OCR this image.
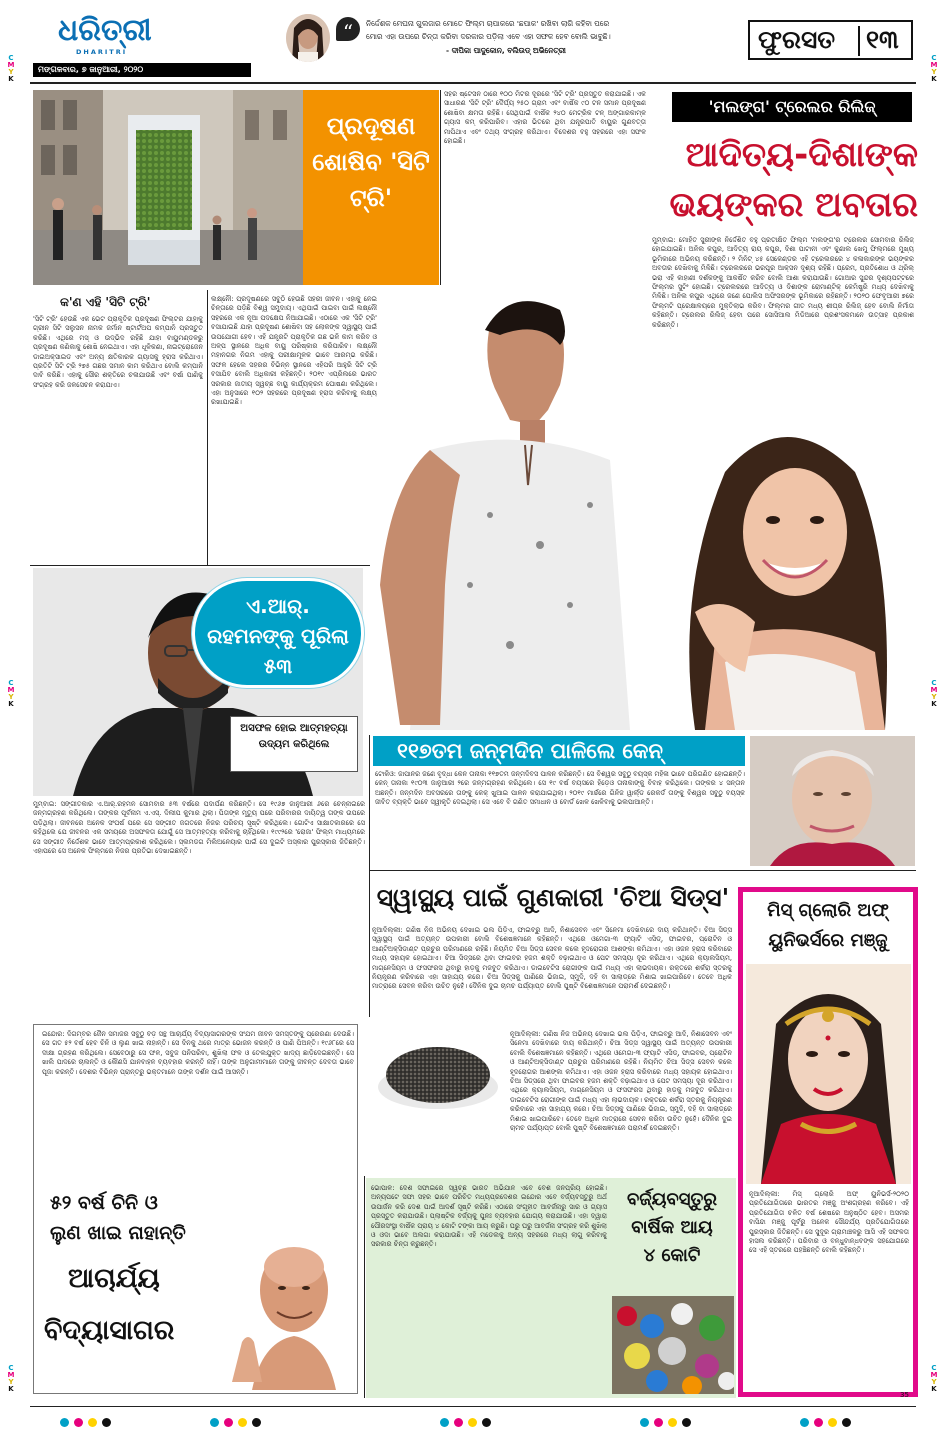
ଧରିତ୍ରୀ
DHARITRI
ମଙ୍ଗଳବାର, ୭ ଜାନୁଆରୀ, ୨୦୨୦
“	ନିର୍ଦ୍ଦେଶକ ମେଘନା ଗୁଲଜାର ମୋତେ ଫିଲ୍ମ ଚାପାକରେ 'ଛପାକ' ରଖିବା ଲାଗି କହିବା ପରେ
ମୋର ଏହା ଉପରେ ଚିନ୍ତା କରିବା ଦରକାର ପଡ଼ିଲା ଏବେ ଏହା ସଫଳ ହେବ ବୋଲି ଭାବୁଛି।
- ଦୀପିକା ପାଦୁକୋନ, ବଲିଉଡ୍ ଅଭିନେତ୍ରୀ	ଫୁରସତ ୧୩
C
M
Y
K
C
M
Y
K
C
M
Y
K
C
M
Y
K
C
M
Y
K
C
M
Y
K
ପ୍ରଦୂଷଣ ଶୋଷିବ 'ସିଟି ଟ୍ରି'
ସହର ଷ୍ଟେସନ ଠାରେ ୧୦୦ ମିଟର ଦୂରରେ 'ସିଟି ଟ୍ରି' ପ୍ରସ୍ତୁତ କରାଯାଇଛି। ଏକ ସାଧାରଣ 'ସିଟି ଟ୍ରି' ଦୈର୍ଘ୍ୟ ୨୫୦ ଗ୍ରାମ ଏବଂ ବାର୍ଷିକ ୯୦ ଟନ ସମାନ ପ୍ରଦୂଷଣ ଶୋଷିବା କ୍ଷମତା ରହିଛି। ସେଥିପାଇଁ ବାର୍ଷିକ ୨୪୦ ମେଟ୍ରିକ ଟନ୍ ଅଙ୍ଗାରକାମ୍ଳ ଗ୍ୟାସ କମ୍ କରିପାରିବ। ଏହାର ଭିତରେ ଥିବା ଯନ୍ତ୍ରପାତି ବାୟୁର ଗୁଣବତ୍ତା ମାପିଥାଏ ଏବଂ ତଥ୍ୟ ସଂଗ୍ରହ କରିଥାଏ। ବିଦେଶର ବହୁ ସହରରେ ଏହା ସଫଳ ହୋଇଛି।
କ'ଣ ଏହି 'ସିଟି ଟ୍ରି'
'ସିଟି ଟ୍ରି' ହେଉଛି ଏକ ଭେଟ ପ୍ରାକୃତିକ ପ୍ରଦୂଷଣ ଫିଲ୍ଟର ଯାହାକୁ ଗ୍ରୀନ ସିଟି ସଲୁସନ ନାମକ ଜର୍ମାନ ଷ୍ଟାର୍ଟଅପ କମ୍ପାନି ପ୍ରସ୍ତୁତ କରିଛି। ଏଥିରେ ମସ୍ ଓ ଉଦ୍ଭିଦ ରହିଛି ଯାହା ବାୟୁମଣ୍ଡଳରୁ ପ୍ରଦୂଷଣ କଣିକାକୁ ଶୋଷି ନେଇଥାଏ। ଏହା ଧୂଳିକଣା, ନାଇଟ୍ରୋଜେନ ଡାଇଅକ୍ସାଇଡ ଏବଂ ଅନ୍ୟ କ୍ଷତିକାରକ ଗ୍ୟାସକୁ ହ୍ରାସ କରିଥାଏ। ପ୍ରତିଟି ସିଟି ଟ୍ରି ୨୭୫ ଗଛର ସମାନ କାମ କରିଥାଏ ବୋଲି କମ୍ପାନି ଦାବି କରିଛି। ଏହାକୁ ସୌର ଶକ୍ତିରେ ଚଳାଯାଉଛି ଏବଂ ବର୍ଷା ପାଣିକୁ ସଂଗ୍ରହ କରି ଜଳସେଚନ କରାଯାଏ।
ଲକ୍ଷ୍ନୌ: ପ୍ରଦୂଷଣରେ ସବୁଠି ହେଉଛି ସହରୀ ଜୀବନ। ଏହାକୁ ନେଇ ଚିନ୍ତାରେ ପଡ଼ିଛି ବିଶ୍ୱ ସମୁଦାୟ। ଏଥିପାଇଁ ପାଇବା ପାଇଁ ଲକ୍ଷ୍ନୌ ସହରରେ ଏକ ନୂଆ ପଦକ୍ଷେପ ନିଆଯାଇଛି। ଏଠାରେ ଏକ 'ସିଟି ଟ୍ରି' ବସାଯାଇଛି ଯାହା ପ୍ରଦୂଷଣ ଶୋଷିବା ସହ ଲୋକଙ୍କ ସ୍ୱାସ୍ଥ୍ୟ ପାଇଁ ଉପଯୋଗୀ ହେବ। ଏହି ଯନ୍ତ୍ରଟି ପ୍ରାକୃତିକ ଗଛ ଭଳି କାମ କରିବ ଓ ଅଳ୍ପ ସ୍ଥାନରେ ଅଧିକ ବାୟୁ ପରିଷ୍କାର କରିପାରିବ। ଲକ୍ଷ୍ନୌ ମହାନଗର ନିଗମ ଏହାକୁ ପରୀକ୍ଷାମୂଳକ ଭାବେ ଆରମ୍ଭ କରିଛି। ସଫଳ ହେଲେ ସହରର ବିଭିନ୍ନ ସ୍ଥାନରେ ଏହିପରି ଆହୁରି ସିଟି ଟ୍ରି ବସାଯିବ ବୋଲି ଅଧିକାରୀ କହିଛନ୍ତି। ୨୦୧୯ ଏପ୍ରିଲରେ ଭାରତ ସରକାର ଜାତୀୟ ସ୍ୱଚ୍ଛ ବାୟୁ କାର୍ଯ୍ୟକ୍ରମ ଘୋଷଣା କରିଥିଲେ। ଏହା ଅନୁସାରେ ୧୦୨ ସହରରେ ପ୍ରଦୂଷଣ ହ୍ରାସ କରିବାକୁ ଲକ୍ଷ୍ୟ ରଖାଯାଇଛି।
'ମଲଙ୍ଗ' ଟ୍ରେଲର ରିଲିଜ୍
ଆଦିତ୍ୟ-ଦିଶାଙ୍କ
ଭୟଙ୍କର ଅବତାର
ମୁମ୍ବାଇ: ମୋହିତ ସୁରୀଙ୍କ ନିର୍ଦ୍ଦେଶିତ ବହୁ ପ୍ରତୀକ୍ଷିତ ଫିଲ୍ମ 'ମଲଙ୍ଗ'ର ଟ୍ରେଲର ସୋମବାର ରିଲିଜ୍ ହୋଇଯାଇଛି। ଅନିଲ କପୁର, ଆଦିତ୍ୟ ରାୟ କପୁର, ଦିଶା ପାଟାନୀ ଏବଂ କୁଣାଲ ଖେମୁ ଫିଲ୍ମରେ ମୁଖ୍ୟ ଭୂମିକାରେ ଅଭିନୟ କରିଛନ୍ତି। ୨ ମିନିଟ୍ ୪୫ ସେକେଣ୍ଡର ଏହି ଟ୍ରେଲରରେ ୪ କଳାକାରଙ୍କ ଭୟଙ୍କର ଅବତାର ଦେଖିବାକୁ ମିଳିଛି। ଟ୍ରେଲରରେ ଭରପୂର ଆକ୍ସନ ଦୃଶ୍ୟ ରହିଛି। ପ୍ରେମ, ପ୍ରତିଶୋଧ ଓ ଥ୍ରିଲ୍ ଭରା ଏହି କାହାଣୀ ଦର୍ଶକଙ୍କୁ ଆକର୍ଷିତ କରିବ ବୋଲି ଆଶା କରାଯାଉଛି। ଗୋଆର ସୁନ୍ଦର ଦୃଶ୍ୟପଟ୍ଟରେ ଫିଲ୍ମର ସୁଟିଂ ହୋଇଛି। ଟ୍ରେଲରରେ ଆଦିତ୍ୟ ଓ ଦିଶାଙ୍କ ରୋମାଣ୍ଟିକ୍ କେମିଷ୍ଟ୍ରି ମଧ୍ୟ ଦେଖିବାକୁ ମିଳିଛି। ଅନିଲ କପୁର ଏଥିରେ ଜଣେ ପୋଲିସ ଅଫିସରଙ୍କ ଭୂମିକାରେ ରହିଛନ୍ତି। ୨୦୨୦ ଫେବୃଆରୀ ୭ରେ ଫିଲ୍ମଟି ପ୍ରେକ୍ଷାଳୟରେ ମୁକ୍ତିଲାଭ କରିବ। ଫିଲ୍ମର ଗୀତ ମଧ୍ୟ ଶୀଘ୍ର ରିଲିଜ୍ ହେବ ବୋଲି ନିର୍ମାତା କହିଛନ୍ତି। ଟ୍ରେଲର ରିଲିଜ୍ ହେବା ପରେ ସୋସିଆଲ ମିଡିଆରେ ପ୍ରଶଂସକମାନେ ଉତ୍ସାହ ପ୍ରକାଶ କରିଛନ୍ତି।
ଏ.ଆର୍. ରହମନଙ୍କୁ ପୂରିଲା ୫୩
ଅସଫଳ ହୋଇ ଆତ୍ମହତ୍ୟା ଉଦ୍ୟମ କରିଥିଲେ
ମୁମ୍ବାଇ: ସଙ୍ଗୀତକାର ଏ.ଆର୍.ରହମନ ସୋମବାର ୫୩ ବର୍ଷରେ ପଦାର୍ପଣ କରିଛନ୍ତି। ସେ ୧୯୬୭ ଜାନୁଆରୀ ୬ରେ ଚେନ୍ନାଇରେ ଜନ୍ମଗ୍ରହଣ କରିଥିଲେ। ତାଙ୍କର ପୂର୍ବନାମ ଏ.ଏସ୍. ଦିଲୀପ କୁମାର ଥିଲା। ପିତାଙ୍କ ମୃତ୍ୟୁ ପରେ ପରିବାରର ଦାୟିତ୍ୱ ତାଙ୍କ ଉପରେ ପଡ଼ିଥିଲା। ଜୀବନରେ ଅନେକ ସଂଘର୍ଷ ପରେ ସେ ସଙ୍ଗୀତ ଜଗତରେ ନିଜର ପରିଚୟ ସୃଷ୍ଟି କରିଥିଲେ। ଗୋଟିଏ ସାକ୍ଷାତକାରରେ ସେ କହିଥିଲେ ଯେ ଜୀବନର ଏକ ସମୟରେ ଅସଫଳତା ଯୋଗୁଁ ସେ ଆତ୍ମହତ୍ୟା କରିବାକୁ ଚାହିଁଥିଲେ। ୧୯୯୨ରେ 'ରୋଜା' ଫିଲ୍ମ ମାଧ୍ୟମରେ ସେ ସଙ୍ଗୀତ ନିର୍ଦ୍ଦେଶକ ଭାବେ ଆତ୍ମପ୍ରକାଶ କରିଥିଲେ। ସ୍ଲମଡଗ ମିଲିଅନେୟାର ପାଇଁ ସେ ଦୁଇଟି ଅସ୍କାର ପୁରସ୍କାର ଜିତିଛନ୍ତି। ଏହାପରେ ସେ ଅନେକ ଫିଲ୍ମରେ ନିଜର ପ୍ରତିଭା ଦେଖାଇଛନ୍ତି।
୧୧୭ତମ ଜନ୍ମଦିନ ପାଳିଲେ କେନ୍
ଟୋକିଓ: ଜାପାନର ଜଣେ ବୃଦ୍ଧା କେନ ତାନାକା ୧୧୭ତମ ଜନ୍ମଦିବସ ପାଳନ କରିଛନ୍ତି। ସେ ବିଶ୍ୱର ସବୁଠୁ ବୟସ୍କ ମହିଳା ଭାବେ ପରିଗଣିତ ହୋଇଛନ୍ତି। କେନ୍ ତାନାକା ୧୯୦୩ ଜାନୁଆରୀ ୨ରେ ଜନ୍ମଗ୍ରହଣ କରିଥିଲେ। ସେ ୧୯ ବର୍ଷ ବୟସରେ ହିଡ଼େଓ ତାନାକାଙ୍କୁ ବିବାହ କରିଥିଲେ। ତାଙ୍କର ୪ ସନ୍ତାନ ଅଛନ୍ତି। ଜନ୍ମଦିନ ଅବସରରେ ତାଙ୍କୁ କେକ୍ ଖୁଆଇ ପାଳନ କରାଯାଇଥିଲା। ୨୦୧୯ ମାର୍ଚ୍ଚରେ ଗିନିଜ ୱାର୍ଲ୍ଡ ରେକର୍ଡ ତାଙ୍କୁ ବିଶ୍ୱର ସବୁଠୁ ବୟସ୍କ ଜୀବିତ ବ୍ୟକ୍ତି ଭାବେ ସ୍ୱୀକୃତି ଦେଇଥିଲା। ସେ ଏବେ ବି ଗଣିତ ସମାଧାନ ଓ ବୋର୍ଡ ଖେଳ ଖେଳିବାକୁ ଭଲପାଆନ୍ତି।
ସ୍ୱାସ୍ଥ୍ୟ ପାଇଁ ଗୁଣକାରୀ 'ଚିଆ ସିଡ୍ସ'
ନୂଆଦିଲ୍ଲୀ: ଗଣିଷ ନିଜ ଅଭିନୟ ଦେଖାଇ ଭଲ ପିଡ଼ିଏ, ଫାଇବ୍ରୁ ଆଦି, ନିଶାସେବନ ଏବଂ ସିନେମା ଦେଖିବାରେ ଦାୟ କରିଥାନ୍ତି। ଚିଆ ସିଡ୍ସ ସ୍ୱାସ୍ଥ୍ୟ ପାଇଁ ଅତ୍ୟନ୍ତ ଉପକାରୀ ବୋଲି ବିଶେଷଜ୍ଞମାନେ କହିଛନ୍ତି। ଏଥିରେ ଓମେଗା-୩ ଫ୍ୟାଟି ଏସିଡ୍, ଫାଇବର, ପ୍ରୋଟିନ ଓ ଆଣ୍ଟିଅକ୍ସିଡାଣ୍ଟ ପ୍ରଚୁର ପରିମାଣରେ ରହିଛି। ନିୟମିତ ଚିଆ ସିଡ୍ସ ସେବନ କଲେ ହୃଦରୋଗର ଆଶଙ୍କା କମିଥାଏ। ଏହା ଓଜନ ହ୍ରାସ କରିବାରେ ମଧ୍ୟ ସହାୟକ ହୋଇଥାଏ। ଚିଆ ସିଡ୍ସରେ ଥିବା ଫାଇବର ହଜମ ଶକ୍ତି ବଢ଼ାଇଥାଏ ଓ ପେଟ ସମସ୍ୟା ଦୂର କରିଥାଏ। ଏଥିରେ କ୍ୟାଲସିୟମ, ମାଗ୍ନେସିୟମ ଓ ଫସଫରସ ଥିବାରୁ ହାଡ଼କୁ ମଜବୁତ କରିଥାଏ। ଡାଇବେଟିସ ରୋଗୀଙ୍କ ପାଇଁ ମଧ୍ୟ ଏହା ଲାଭଦାୟକ। ରକ୍ତରେ ଶର୍କରା ସ୍ତରକୁ ନିୟନ୍ତ୍ରଣ କରିବାରେ ଏହା ସାହାଯ୍ୟ କରେ। ଚିଆ ସିଡ୍ସକୁ ପାଣିରେ ଭିଜାଇ, ସ୍ମୁଦି, ଦହି ବା ସାଲାଡ୍‌ରେ ମିଶାଇ ଖାଇପାରିବେ। ତେବେ ଅଧିକ ମାତ୍ରାରେ ସେବନ କରିବା ଉଚିତ ନୁହେଁ। ଦୈନିକ ଦୁଇ ଚାମଚ ପର୍ଯ୍ୟାପ୍ତ ବୋଲି ପୁଷ୍ଟି ବିଶେଷଜ୍ଞମାନେ ପରାମର୍ଶ ଦେଇଛନ୍ତି।
ନୂଆଦିଲ୍ଲୀ: ଗଣିଷ ନିଜ ଅଭିନୟ ଦେଖାଇ ଭଲ ପିଡ଼ିଏ, ଫାଇବ୍ରୁ ଆଦି, ନିଶାସେବନ ଏବଂ ସିନେମା ଦେଖିବାରେ ଦାୟ କରିଥାନ୍ତି। ଚିଆ ସିଡ୍ସ ସ୍ୱାସ୍ଥ୍ୟ ପାଇଁ ଅତ୍ୟନ୍ତ ଉପକାରୀ ବୋଲି ବିଶେଷଜ୍ଞମାନେ କହିଛନ୍ତି। ଏଥିରେ ଓମେଗା-୩ ଫ୍ୟାଟି ଏସିଡ୍, ଫାଇବର, ପ୍ରୋଟିନ ଓ ଆଣ୍ଟିଅକ୍ସିଡାଣ୍ଟ ପ୍ରଚୁର ପରିମାଣରେ ରହିଛି। ନିୟମିତ ଚିଆ ସିଡ୍ସ ସେବନ କଲେ ହୃଦରୋଗର ଆଶଙ୍କା କମିଥାଏ। ଏହା ଓଜନ ହ୍ରାସ କରିବାରେ ମଧ୍ୟ ସହାୟକ ହୋଇଥାଏ। ଚିଆ ସିଡ୍ସରେ ଥିବା ଫାଇବର ହଜମ ଶକ୍ତି ବଢ଼ାଇଥାଏ ଓ ପେଟ ସମସ୍ୟା ଦୂର କରିଥାଏ। ଏଥିରେ କ୍ୟାଲସିୟମ, ମାଗ୍ନେସିୟମ ଓ ଫସଫରସ ଥିବାରୁ ହାଡ଼କୁ ମଜବୁତ କରିଥାଏ। ଡାଇବେଟିସ ରୋଗୀଙ୍କ ପାଇଁ ମଧ୍ୟ ଏହା ଲାଭଦାୟକ। ରକ୍ତରେ ଶର୍କରା ସ୍ତରକୁ ନିୟନ୍ତ୍ରଣ କରିବାରେ ଏହା ସାହାଯ୍ୟ କରେ। ଚିଆ ସିଡ୍ସକୁ ପାଣିରେ ଭିଜାଇ, ସ୍ମୁଦି, ଦହି ବା ସାଲାଡ୍‌ରେ ମିଶାଇ ଖାଇପାରିବେ। ତେବେ ଅଧିକ ମାତ୍ରାରେ ସେବନ କରିବା ଉଚିତ ନୁହେଁ। ଦୈନିକ ଦୁଇ ଚାମଚ ପର୍ଯ୍ୟାପ୍ତ ବୋଲି ପୁଷ୍ଟି ବିଶେଷଜ୍ଞମାନେ ପରାମର୍ଶ ଦେଇଛନ୍ତି।
ମିସ୍ ଗ୍ଲୋରି ଅଫ୍ ୟୁନିଭର୍ସରେ ମଞ୍ଜୁ
ନୂଆଦିଲ୍ଲୀ: ମିସ୍ ଗ୍ଲୋରି ଅଫ୍ ୟୁନିଭର୍ସ-୨୦୨୦ ପ୍ରତିଯୋଗିତାରେ ଭାରତର ମଞ୍ଜୁ ଅଂଶଗ୍ରହଣ କରିବେ। ଏହି ପ୍ରତିଯୋଗିତା ଚଳିତ ବର୍ଷ ଶେଷରେ ଅନୁଷ୍ଠିତ ହେବ। ଅସମର ବାସିନ୍ଦା ମଞ୍ଜୁ ପୂର୍ବରୁ ଅନେକ ସୌନ୍ଦର୍ଯ୍ୟ ପ୍ରତିଯୋଗିତାରେ ପୁରସ୍କାର ଜିତିଛନ୍ତି। ସେ ସୁଦୂର ଗ୍ରାମାଞ୍ଚଳରୁ ଆସି ଏହି ସଫଳତା ହାସଲ କରିଛନ୍ତି। ପରିବାର ଓ ବନ୍ଧୁବାନ୍ଧବଙ୍କ ସହଯୋଗରେ ସେ ଏହି ସ୍ତରରେ ପହଞ୍ଚିଛନ୍ତି ବୋଲି କହିଛନ୍ତି।
ଇନ୍ଦୋର: ଦିଗମ୍ବର ଜୈନ ସମାଜର ସବୁଠୁ ବଡ଼ ସନ୍ଥ ଆଚାର୍ଯ୍ୟ ବିଦ୍ୟାସାଗରଙ୍କ ସଂଯମ ଜୀବନ ସମସ୍ତଙ୍କୁ ପ୍ରେରଣା ଦେଉଛି। ସେ ଗତ ୫୨ ବର୍ଷ ହେବ ଚିନି ଓ ଲୁଣ ଖାଇ ନାହାନ୍ତି। ସେ ଦିନକୁ ଥରେ ମାତ୍ର ଭୋଜନ କରନ୍ତି ଓ ପାଣି ପିଅନ୍ତି। ୧୯୬୮ରେ ସେ ଦୀକ୍ଷା ଗ୍ରହଣ କରିଥିଲେ। ସେବେଠାରୁ ସେ ଫଳ, ସବୁଜ ପନିପରିବା, ଶୁଖିଲା ଫଳ ଓ ତେଲଯୁକ୍ତ ଖାଦ୍ୟ ଛାଡ଼ିଦେଇଛନ୍ତି। ସେ ଖାଲି ପାଦରେ ଚାଲନ୍ତି ଓ କୌଣସି ଯାନବାହନ ବ୍ୟବହାର କରନ୍ତି ନାହିଁ। ତାଙ୍କ ଅନୁଗାମୀମାନେ ତାଙ୍କୁ ଜୀବନ୍ତ ଦେବତା ଭାବେ ପୂଜା କରନ୍ତି। ଦେଶର ବିଭିନ୍ନ ପ୍ରାନ୍ତରୁ ଭକ୍ତମାନେ ତାଙ୍କ ଦର୍ଶନ ପାଇଁ ଆସନ୍ତି।
୫୨ ବର୍ଷ ଚିନି ଓ
ଲୁଣ ଖାଇ ନାହାନ୍ତି
ଆଚାର୍ଯ୍ୟ
ବିଦ୍ୟାସାଗର
ଭୋପାଳ: ଦେଶ ସଫାଇରେ ସ୍ୱଚ୍ଛ ଭାରତ ଅଭିଯାନ ଏବେ ବେଶ ଜନପ୍ରିୟ ହୋଇଛି। ଅନ୍ୟପଟେ ସଫା ସହର ଭାବେ ପରିଚିତ ମଧ୍ୟପ୍ରଦେଶର ଇନ୍ଦୋର ଏବେ ବର୍ଜ୍ୟବସ୍ତୁରୁ ଅର୍ଥ ଉପାର୍ଜନ କରି ଦେଶ ପାଇଁ ଆଦର୍ଶ ସୃଷ୍ଟି କରିଛି। ଏଠାରେ ସଂଗୃହୀତ ଆବର୍ଜନାରୁ ସାର ଓ ଗ୍ୟାସ ପ୍ରସ୍ତୁତ କରାଯାଉଛି। ପ୍ଲାଷ୍ଟିକ ବର୍ଜ୍ୟକୁ ପୁନଃ ବ୍ୟବହାର ଯୋଗ୍ୟ କରାଯାଉଛି। ଏହା ଦ୍ୱାରା ପୌରସଂସ୍ଥା ବାର୍ଷିକ ପ୍ରାୟ ୪ କୋଟି ଟଙ୍କା ଆୟ କରୁଛି। ଘରୁ ଘରୁ ଆବର୍ଜନା ସଂଗ୍ରହ କରି ଶୁଖିଲା ଓ ଓଦା ଭାବେ ଅଲଗା କରାଯାଉଛି। ଏହି ମଡେଲକୁ ଅନ୍ୟ ସହରରେ ମଧ୍ୟ ଲାଗୁ କରିବାକୁ ସରକାର ଚିନ୍ତା କରୁଛନ୍ତି।
ବର୍ଜ୍ୟବସ୍ତୁରୁ
ବାର୍ଷିକ ଆୟ
୪ କୋଟି
35
